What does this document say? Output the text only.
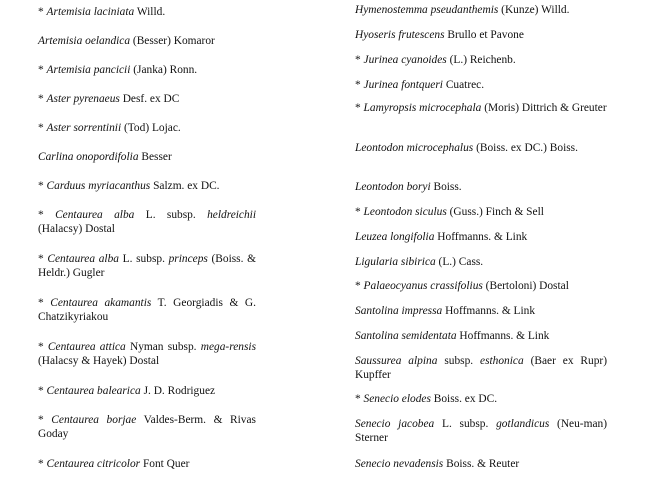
* Artemisia laciniata Willd.
Artemisia oelandica (Besser) Komaror
* Artemisia pancicii (Janka) Ronn.
* Aster pyrenaeus Desf. ex DC
* Aster sorrentinii (Tod) Lojac.
Carlina onopordifolia Besser
* Carduus myriacanthus Salzm. ex DC.
* Centaurea alba L. subsp. heldreichii (Halacsy) Dostal
* Centaurea alba L. subsp. princeps (Boiss. & Heldr.) Gugler
* Centaurea akamantis T. Georgiadis & G. Chatzikyriakou
* Centaurea attica Nyman subsp. mega-rensis (Halacsy & Hayek) Dostal
* Centaurea balearica J. D. Rodriguez
* Centaurea borjae Valdes-Berm. & Rivas Goday
* Centaurea citricolor Font Quer
Hymenostemma pseudanthemis (Kunze) Willd.
Hyoseris frutescens Brullo et Pavone
* Jurinea cyanoides (L.) Reichenb.
* Jurinea fontqueri Cuatrec.
* Lamyropsis microcephala (Moris) Dittrich & Greuter
Leontodon microcephalus (Boiss. ex DC.) Boiss.
Leontodon boryi Boiss.
* Leontodon siculus (Guss.) Finch & Sell
Leuzea longifolia Hoffmanns. & Link
Ligularia sibirica (L.) Cass.
* Palaeocyanus crassifolius (Bertoloni) Dostal
Santolina impressa Hoffmanns. & Link
Santolina semidentata Hoffmanns. & Link
Saussurea alpina subsp. esthonica (Baer ex Rupr) Kupffer
* Senecio elodes Boiss. ex DC.
Senecio jacobea L. subsp. gotlandicus (Neu-man) Sterner
Senecio nevadensis Boiss. & Reuter
